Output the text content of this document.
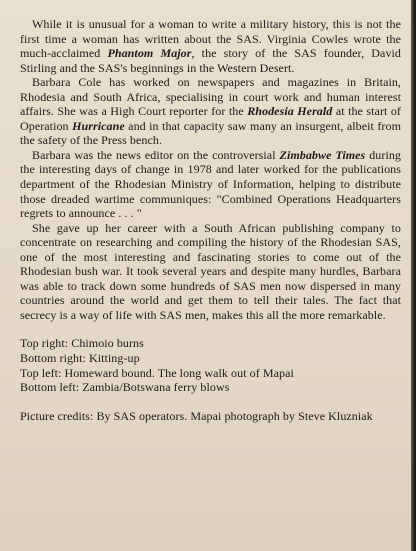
While it is unusual for a woman to write a military history, this is not the first time a woman has written about the SAS. Virginia Cowles wrote the much-acclaimed Phantom Major, the story of the SAS founder, David Stirling and the SAS's beginnings in the Western Desert.

Barbara Cole has worked on newspapers and magazines in Britain, Rhodesia and South Africa, specialising in court work and human interest affairs. She was a High Court reporter for the Rhodesia Herald at the start of Operation Hurricane and in that capacity saw many an insurgent, albeit from the safety of the Press bench.

Barbara was the news editor on the controversial Zimbabwe Times during the interesting days of change in 1978 and later worked for the publications department of the Rhodesian Ministry of Information, helping to distribute those dreaded wartime communiques: "Combined Operations Headquarters regrets to announce . . . "

She gave up her career with a South African publishing company to concentrate on researching and compiling the history of the Rhodesian SAS, one of the most interesting and fascinating stories to come out of the Rhodesian bush war. It took several years and despite many hurdles, Barbara was able to track down some hundreds of SAS men now dispersed in many countries around the world and get them to tell their tales. The fact that secrecy is a way of life with SAS men, makes this all the more remarkable.

Top right: Chimoio burns

Bottom right: Kitting-up

Top left: Homeward bound. The long walk out of Mapai

Bottom left: Zambia/Botswana ferry blows

Picture credits: By SAS operators. Mapai photograph by Steve Kluzniak
